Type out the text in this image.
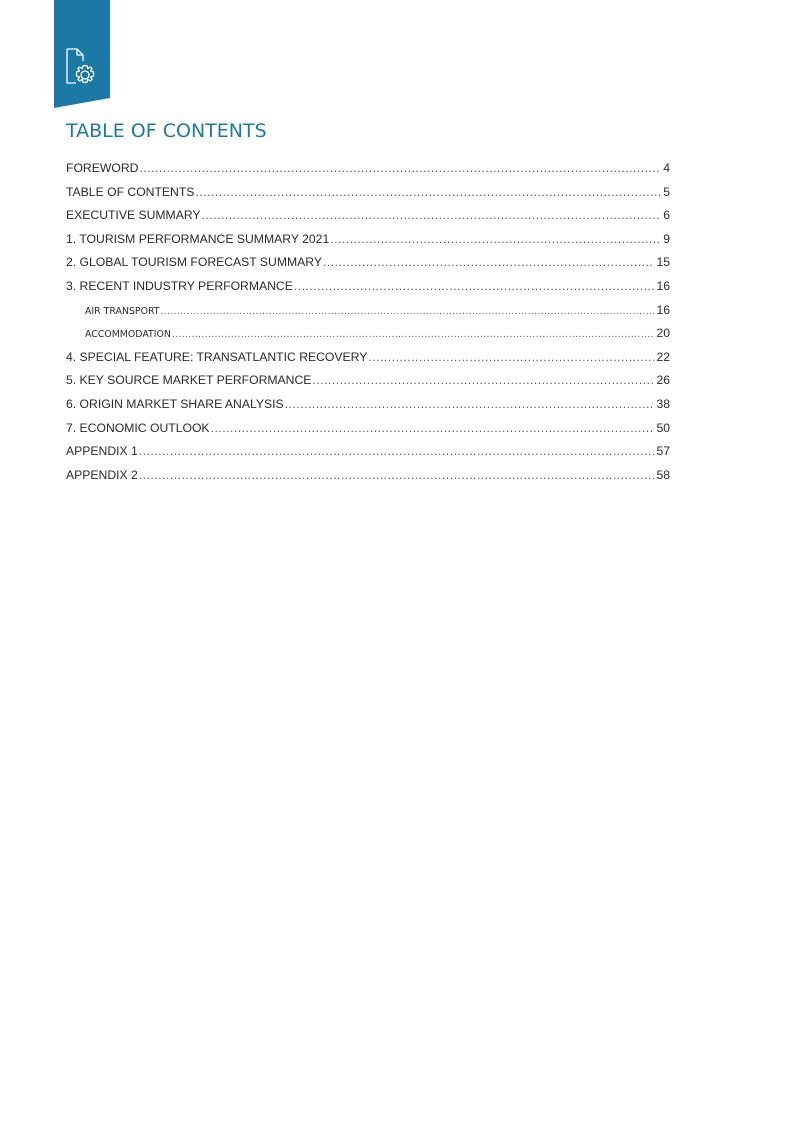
TABLE OF CONTENTS
FOREWORD .....	4
TABLE OF CONTENTS .....	5
EXECUTIVE SUMMARY .....	6
1. TOURISM PERFORMANCE SUMMARY 2021 .....	9
2. GLOBAL TOURISM FORECAST SUMMARY .....	15
3. RECENT INDUSTRY PERFORMANCE .....	16
AIR TRANSPORT .....	16
ACCOMMODATION .....	20
4. SPECIAL FEATURE: TRANSATLANTIC RECOVERY .....	22
5. KEY SOURCE MARKET PERFORMANCE .....	26
6. ORIGIN MARKET SHARE ANALYSIS .....	38
7. ECONOMIC OUTLOOK .....	50
APPENDIX 1 .....	57
APPENDIX 2 .....	58
